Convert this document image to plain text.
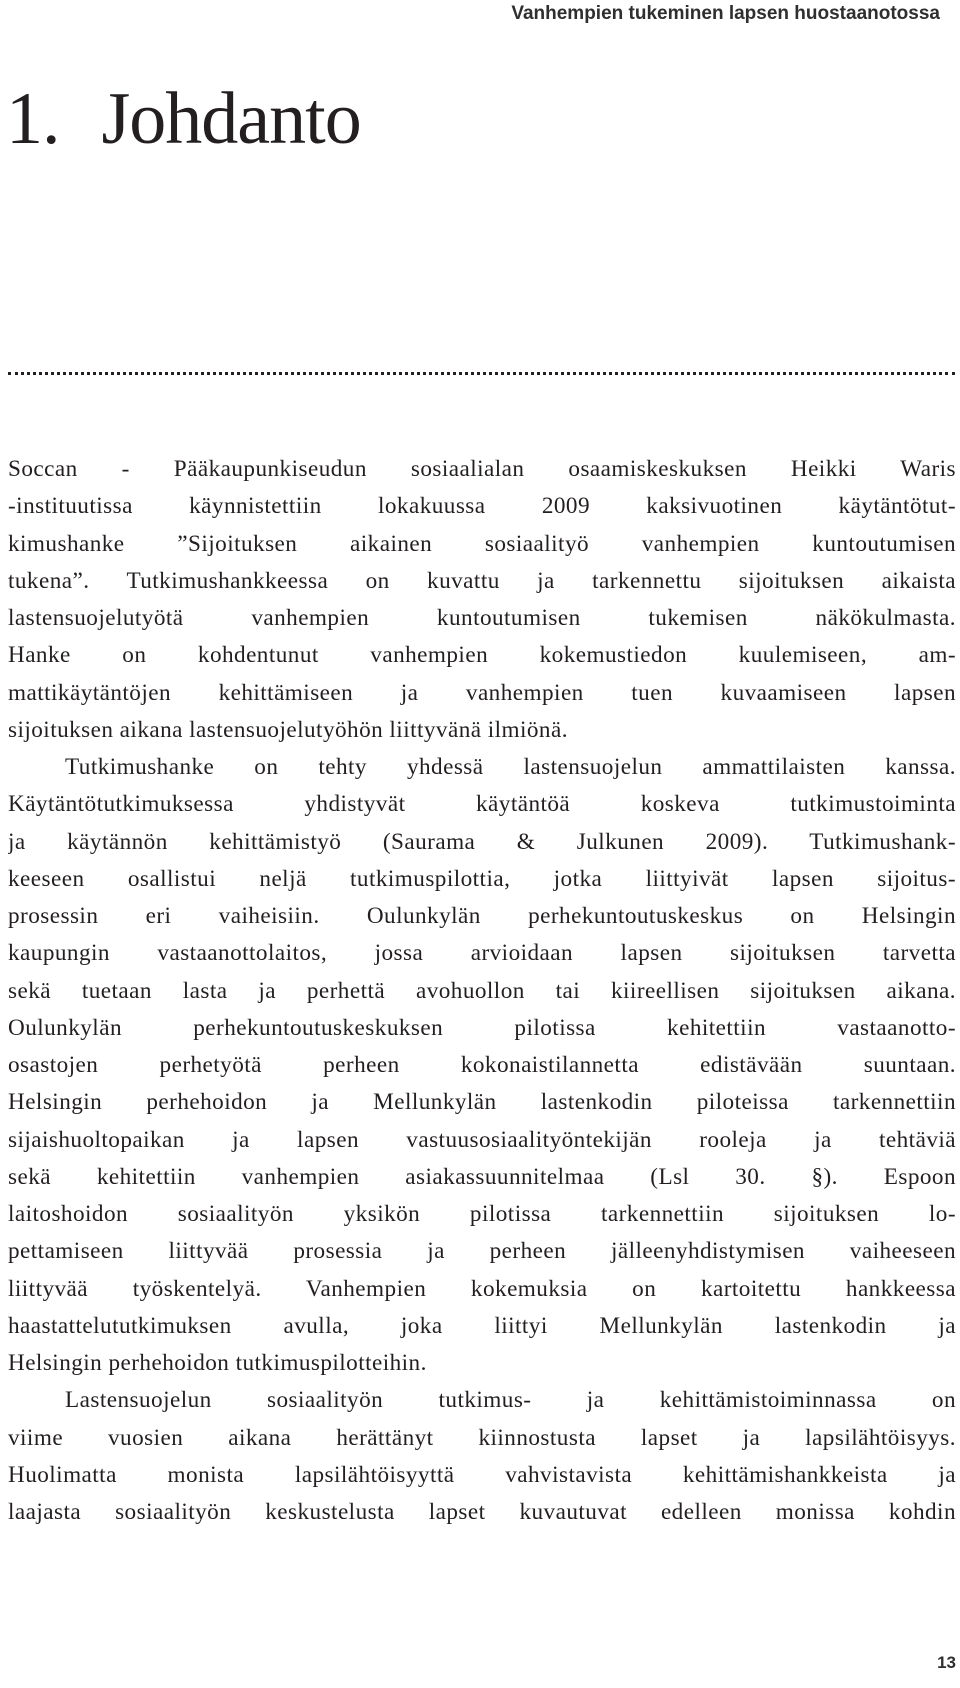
Vanhempien tukeminen lapsen huostaanotossa
1. Johdanto
Soccan - Pääkaupunkiseudun sosiaalialan osaamiskeskuksen Heikki Waris
-instituutissa käynnistettiin lokakuussa 2009 kaksivuotinen käytäntötut-
kimushanke ”Sijoituksen aikainen sosiaalityö vanhempien kuntoutumisen
tukena”. Tutkimushankkeessa on kuvattu ja tarkennettu sijoituksen aikaista
lastensuojelutyötä vanhempien kuntoutumisen tukemisen näkökulmasta.
Hanke on kohdentunut vanhempien kokemustiedon kuulemiseen, am-
mattikäytäntöjen kehittämiseen ja vanhempien tuen kuvaamiseen lapsen
sijoituksen aikana lastensuojelutyöhön liittyvänä ilmiönä.
Tutkimushanke on tehty yhdessä lastensuojelun ammattilaisten kanssa.
Käytäntötutkimuksessa yhdistyvät käytäntöä koskeva tutkimustoiminta
ja käytännön kehittämistyö (Saurama & Julkunen 2009). Tutkimushank-
keeseen osallistui neljä tutkimuspilottia, jotka liittyivät lapsen sijoitus-
prosessin eri vaiheisiin. Oulunkylän perhekuntoutuskeskus on Helsingin
kaupungin vastaanottolaitos, jossa arvioidaan lapsen sijoituksen tarvetta
sekä tuetaan lasta ja perhettä avohuollon tai kiireellisen sijoituksen aikana.
Oulunkylän perhekuntoutuskeskuksen pilotissa kehitettiin vastaanotto-
osastojen perhetyötä perheen kokonaistilannetta edistävään suuntaan.
Helsingin perhehoidon ja Mellunkylän lastenkodin piloteissa tarkennettiin
sijaishuoltopaikan ja lapsen vastuusosiaalityöntekijän rooleja ja tehtäviä
sekä kehitettiin vanhempien asiakassuunnitelmaa (Lsl 30. §). Espoon
laitoshoidon sosiaalityön yksikön pilotissa tarkennettiin sijoituksen lo-
pettamiseen liittyvää prosessia ja perheen jälleenyhdistymisen vaiheeseen
liittyvää työskentelyä. Vanhempien kokemuksia on kartoitettu hankkeessa
haastattelututkimuksen avulla, joka liittyi Mellunkylän lastenkodin ja
Helsingin perhehoidon tutkimuspilotteihin.
Lastensuojelun sosiaalityön tutkimus- ja kehittämistoiminnassa on
viime vuosien aikana herättänyt kiinnostusta lapset ja lapsilähtöisyys.
Huolimatta monista lapsilähtöisyyttä vahvistavista kehittämishankkeista ja
laajasta sosiaalityön keskustelusta lapset kuvautuvat edelleen monissa kohdin
13
